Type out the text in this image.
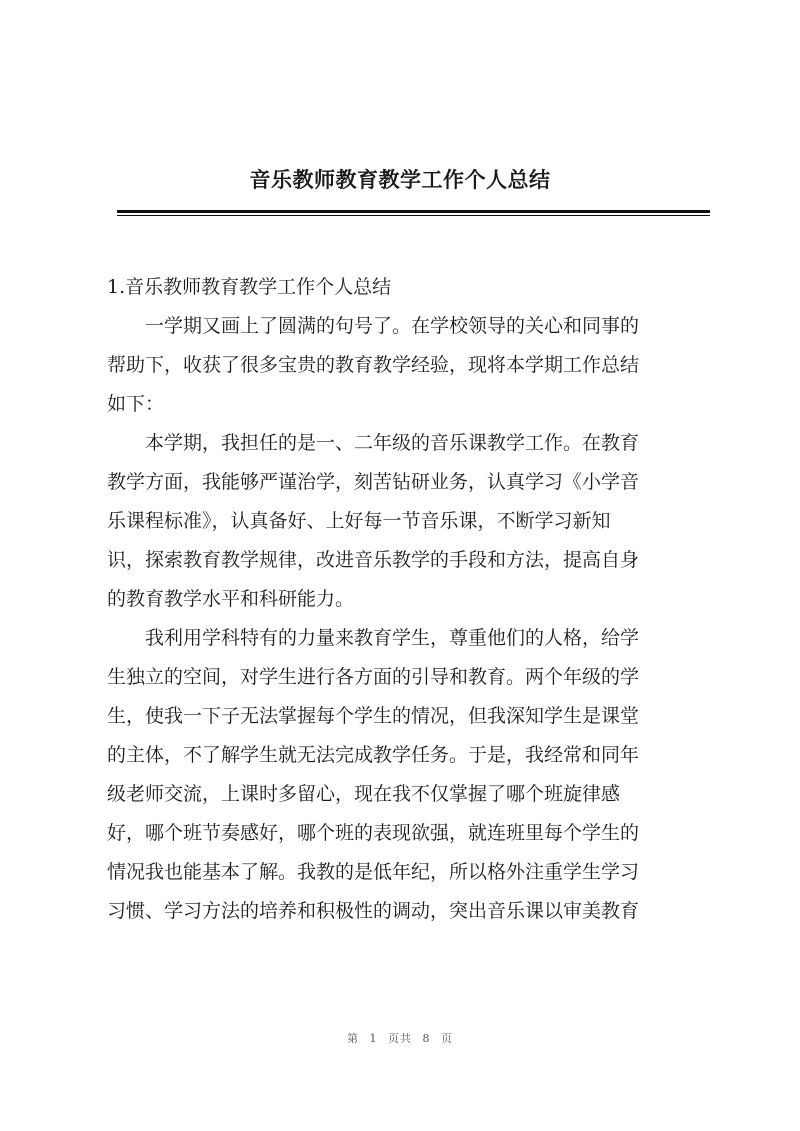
音乐教师教育教学工作个人总结
1.音乐教师教育教学工作个人总结
　　一学期又画上了圆满的句号了。在学校领导的关心和同事的
帮助下，收获了很多宝贵的教育教学经验，现将本学期工作总结
如下：
　　本学期，我担任的是一、二年级的音乐课教学工作。在教育
教学方面，我能够严谨治学，刻苦钻研业务，认真学习《小学音
乐课程标准》，认真备好、上好每一节音乐课，不断学习新知
识，探索教育教学规律，改进音乐教学的手段和方法，提高自身
的教育教学水平和科研能力。
　　我利用学科特有的力量来教育学生，尊重他们的人格，给学
生独立的空间，对学生进行各方面的引导和教育。两个年级的学
生，使我一下子无法掌握每个学生的情况，但我深知学生是课堂
的主体，不了解学生就无法完成教学任务。于是，我经常和同年
级老师交流，上课时多留心，现在我不仅掌握了哪个班旋律感
好，哪个班节奏感好，哪个班的表现欲强，就连班里每个学生的
情况我也能基本了解。我教的是低年纪，所以格外注重学生学习
习惯、学习方法的培养和积极性的调动，突出音乐课以审美教育
第 1 页共 8 页
